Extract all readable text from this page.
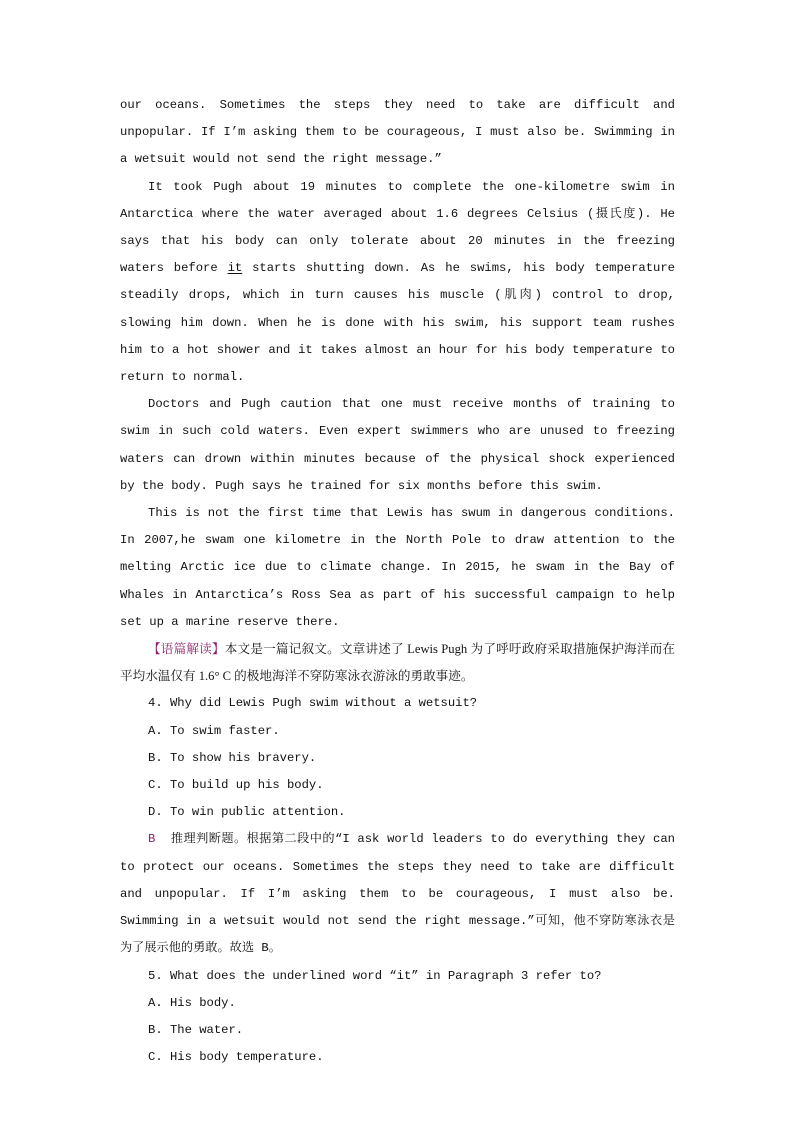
our oceans. Sometimes the steps they need to take are difficult and unpopular. If I’m asking them to be courageous, I must also be. Swimming in a wetsuit would not send the right message.”

It took Pugh about 19 minutes to complete the one-kilometre swim in Antarctica where the water averaged about 1.6 degrees Celsius (摄氏度). He says that his body can only tolerate about 20 minutes in the freezing waters before it starts shutting down. As he swims, his body temperature steadily drops, which in turn causes his muscle (肌肉) control to drop, slowing him down. When he is done with his swim, his support team rushes him to a hot shower and it takes almost an hour for his body temperature to return to normal.

Doctors and Pugh caution that one must receive months of training to swim in such cold waters. Even expert swimmers who are unused to freezing waters can drown within minutes because of the physical shock experienced by the body. Pugh says he trained for six months before this swim.

This is not the first time that Lewis has swum in dangerous conditions. In 2007,he swam one kilometre in the North Pole to draw attention to the melting Arctic ice due to climate change. In 2015, he swam in the Bay of Whales in Antarctica’s Ross Sea as part of his successful campaign to help set up a marine reserve there.

【语篇解读】本文是一篇记叙文。文章讲述了 Lewis Pugh 为了呼吁政府采取措施保护海洋而在平均水温仅有 1.6° C 的极地海洋不穿防寒泳衣游泳的勇敢事迹。

4. Why did Lewis Pugh swim without a wetsuit?

A. To swim faster.

B. To show his bravery.

C. To build up his body.

D. To win public attention.

B 推理判断题。根据第二段中的“I ask world leaders to do everything they can to protect our oceans. Sometimes the steps they need to take are difficult and unpopular. If I’m asking them to be courageous, I must also be. Swimming in a wetsuit would not send the right message.”可知，他不穿防寒泳衣是为了展示他的勇敢。故选 B。

5. What does the underlined word “it” in Paragraph 3 refer to?

A. His body.

B. The water.

C. His body temperature.
